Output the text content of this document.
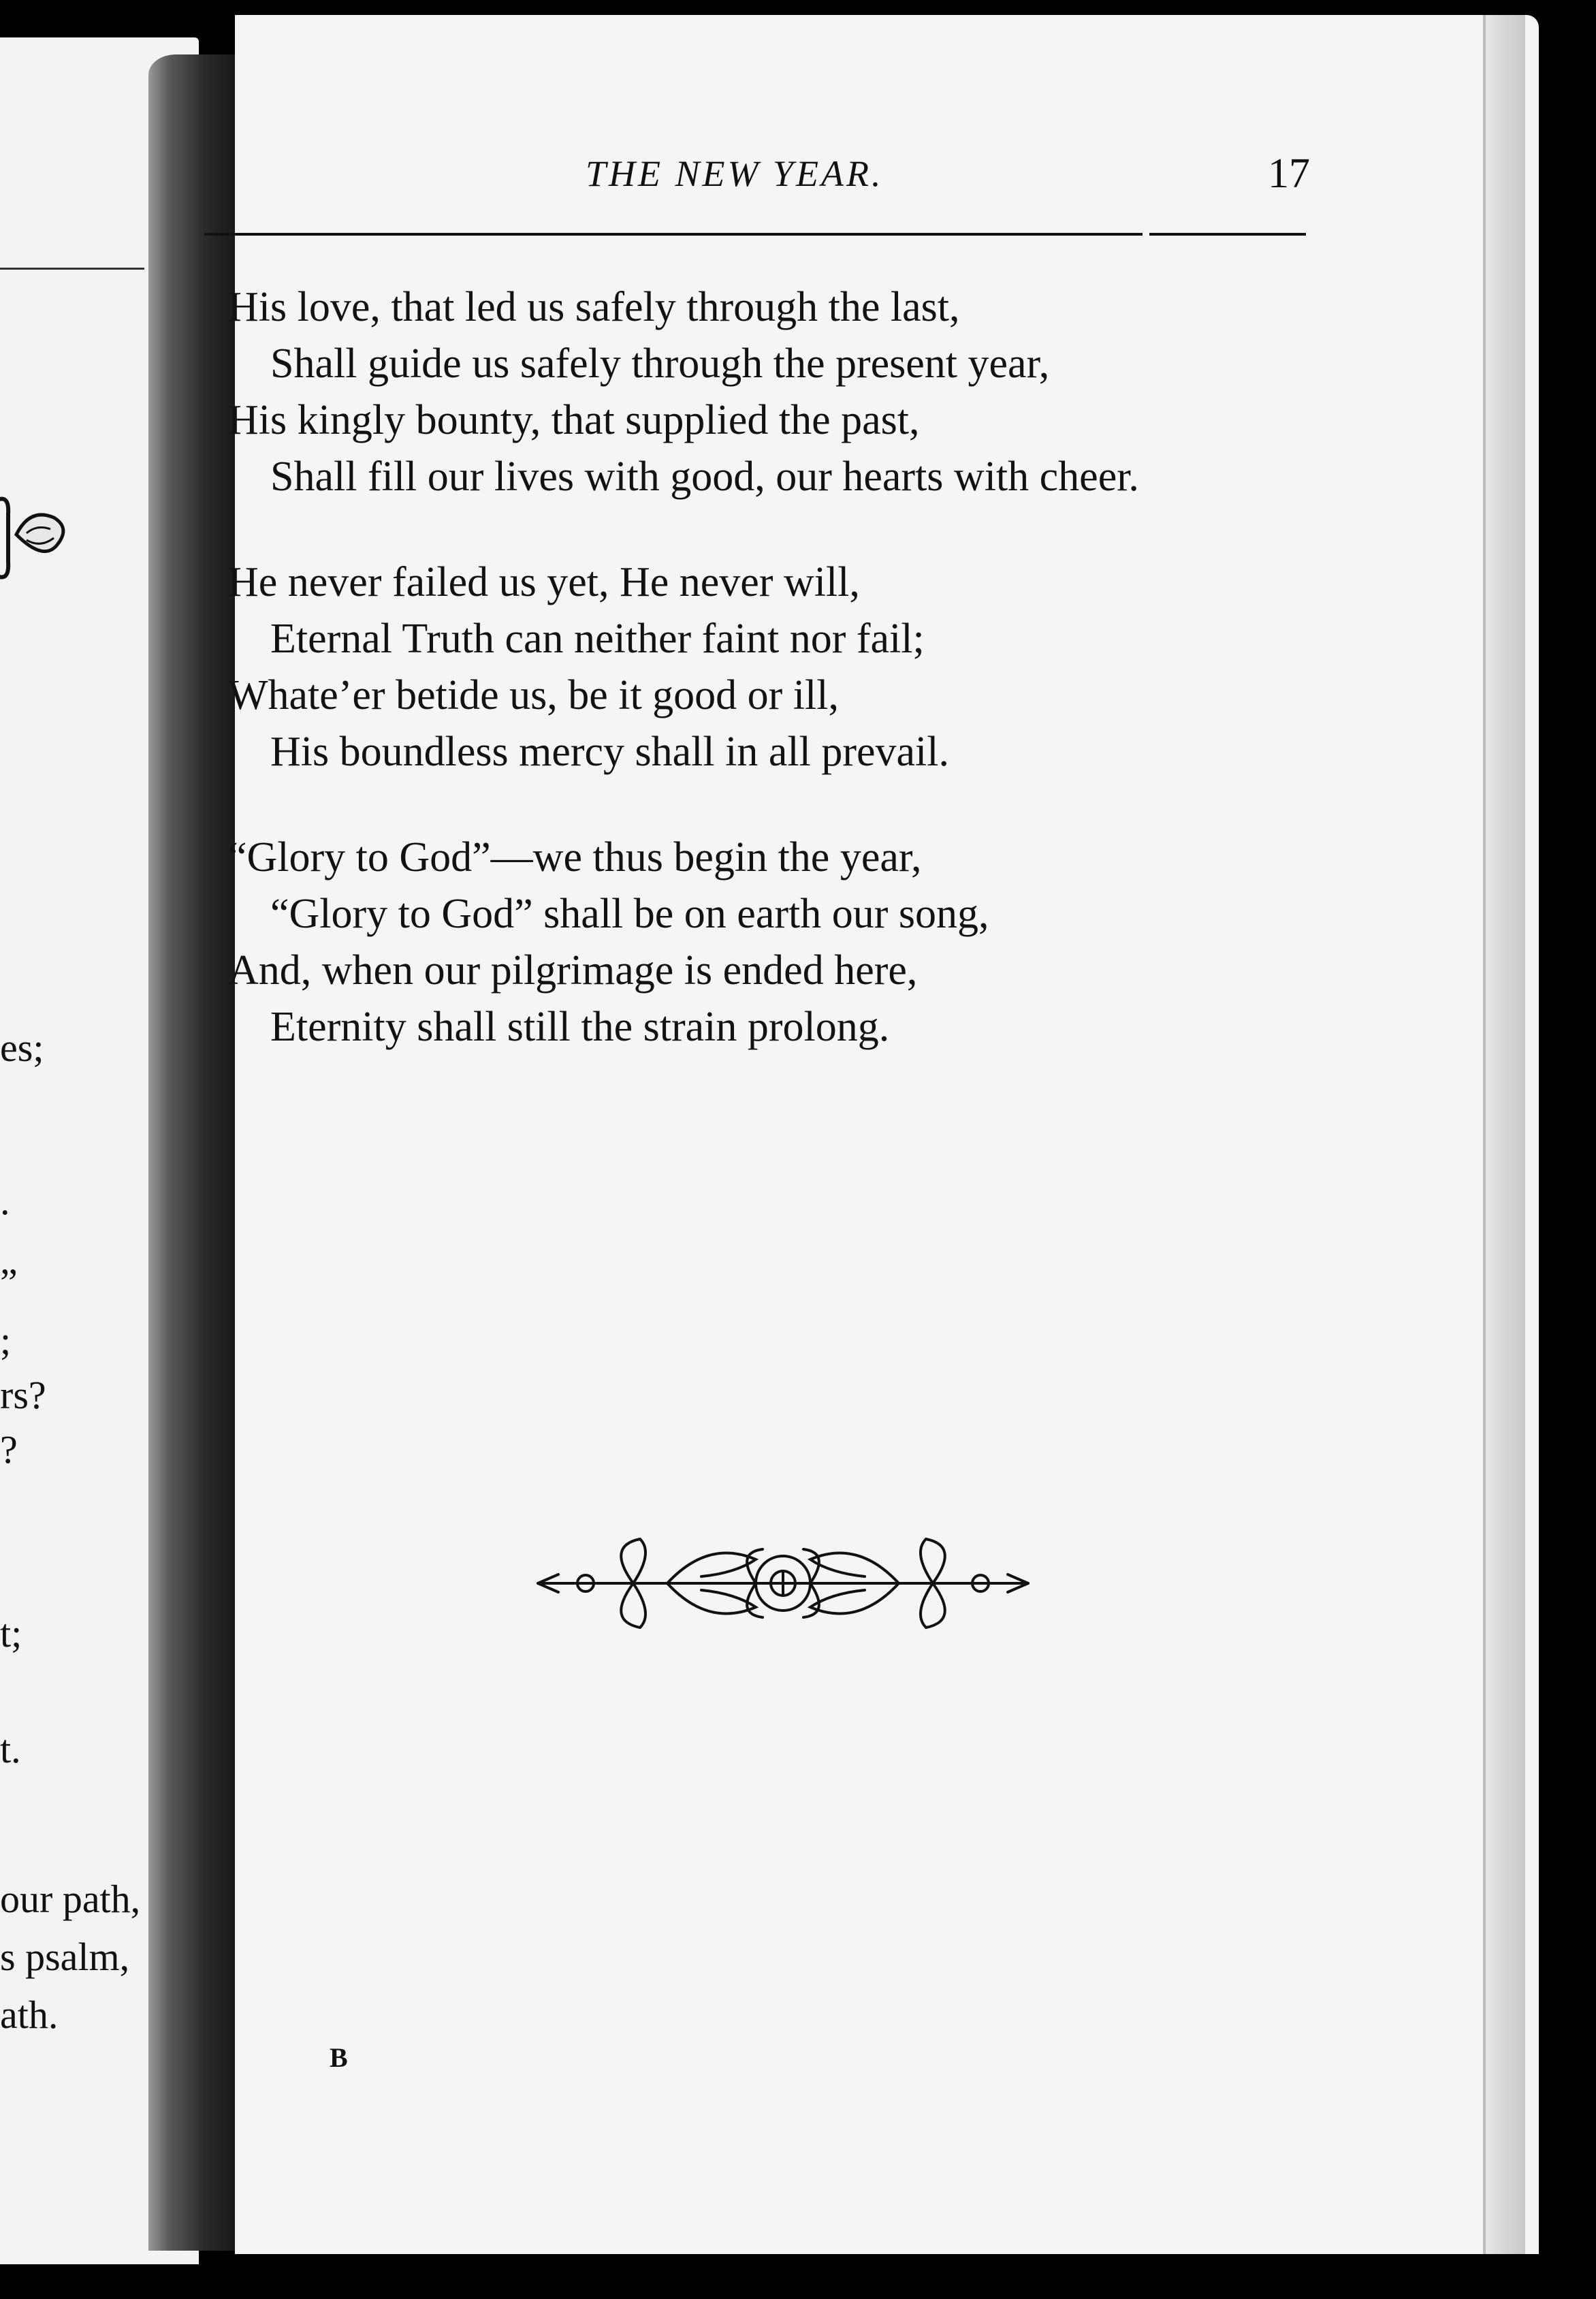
es;
.
”
;
rs?
?
t;
t.
our path,
s psalm,
ath.
THE NEW YEAR.	17
His love, that led us safely through the last,
Shall guide us safely through the present year,
His kingly bounty, that supplied the past,
Shall fill our lives with good, our hearts with cheer.
He never failed us yet, He never will,
Eternal Truth can neither faint nor fail;
Whate’er betide us, be it good or ill,
His boundless mercy shall in all prevail.
“Glory to God”—we thus begin the year,
“Glory to God” shall be on earth our song,
And, when our pilgrimage is ended here,
Eternity shall still the strain prolong.
B
